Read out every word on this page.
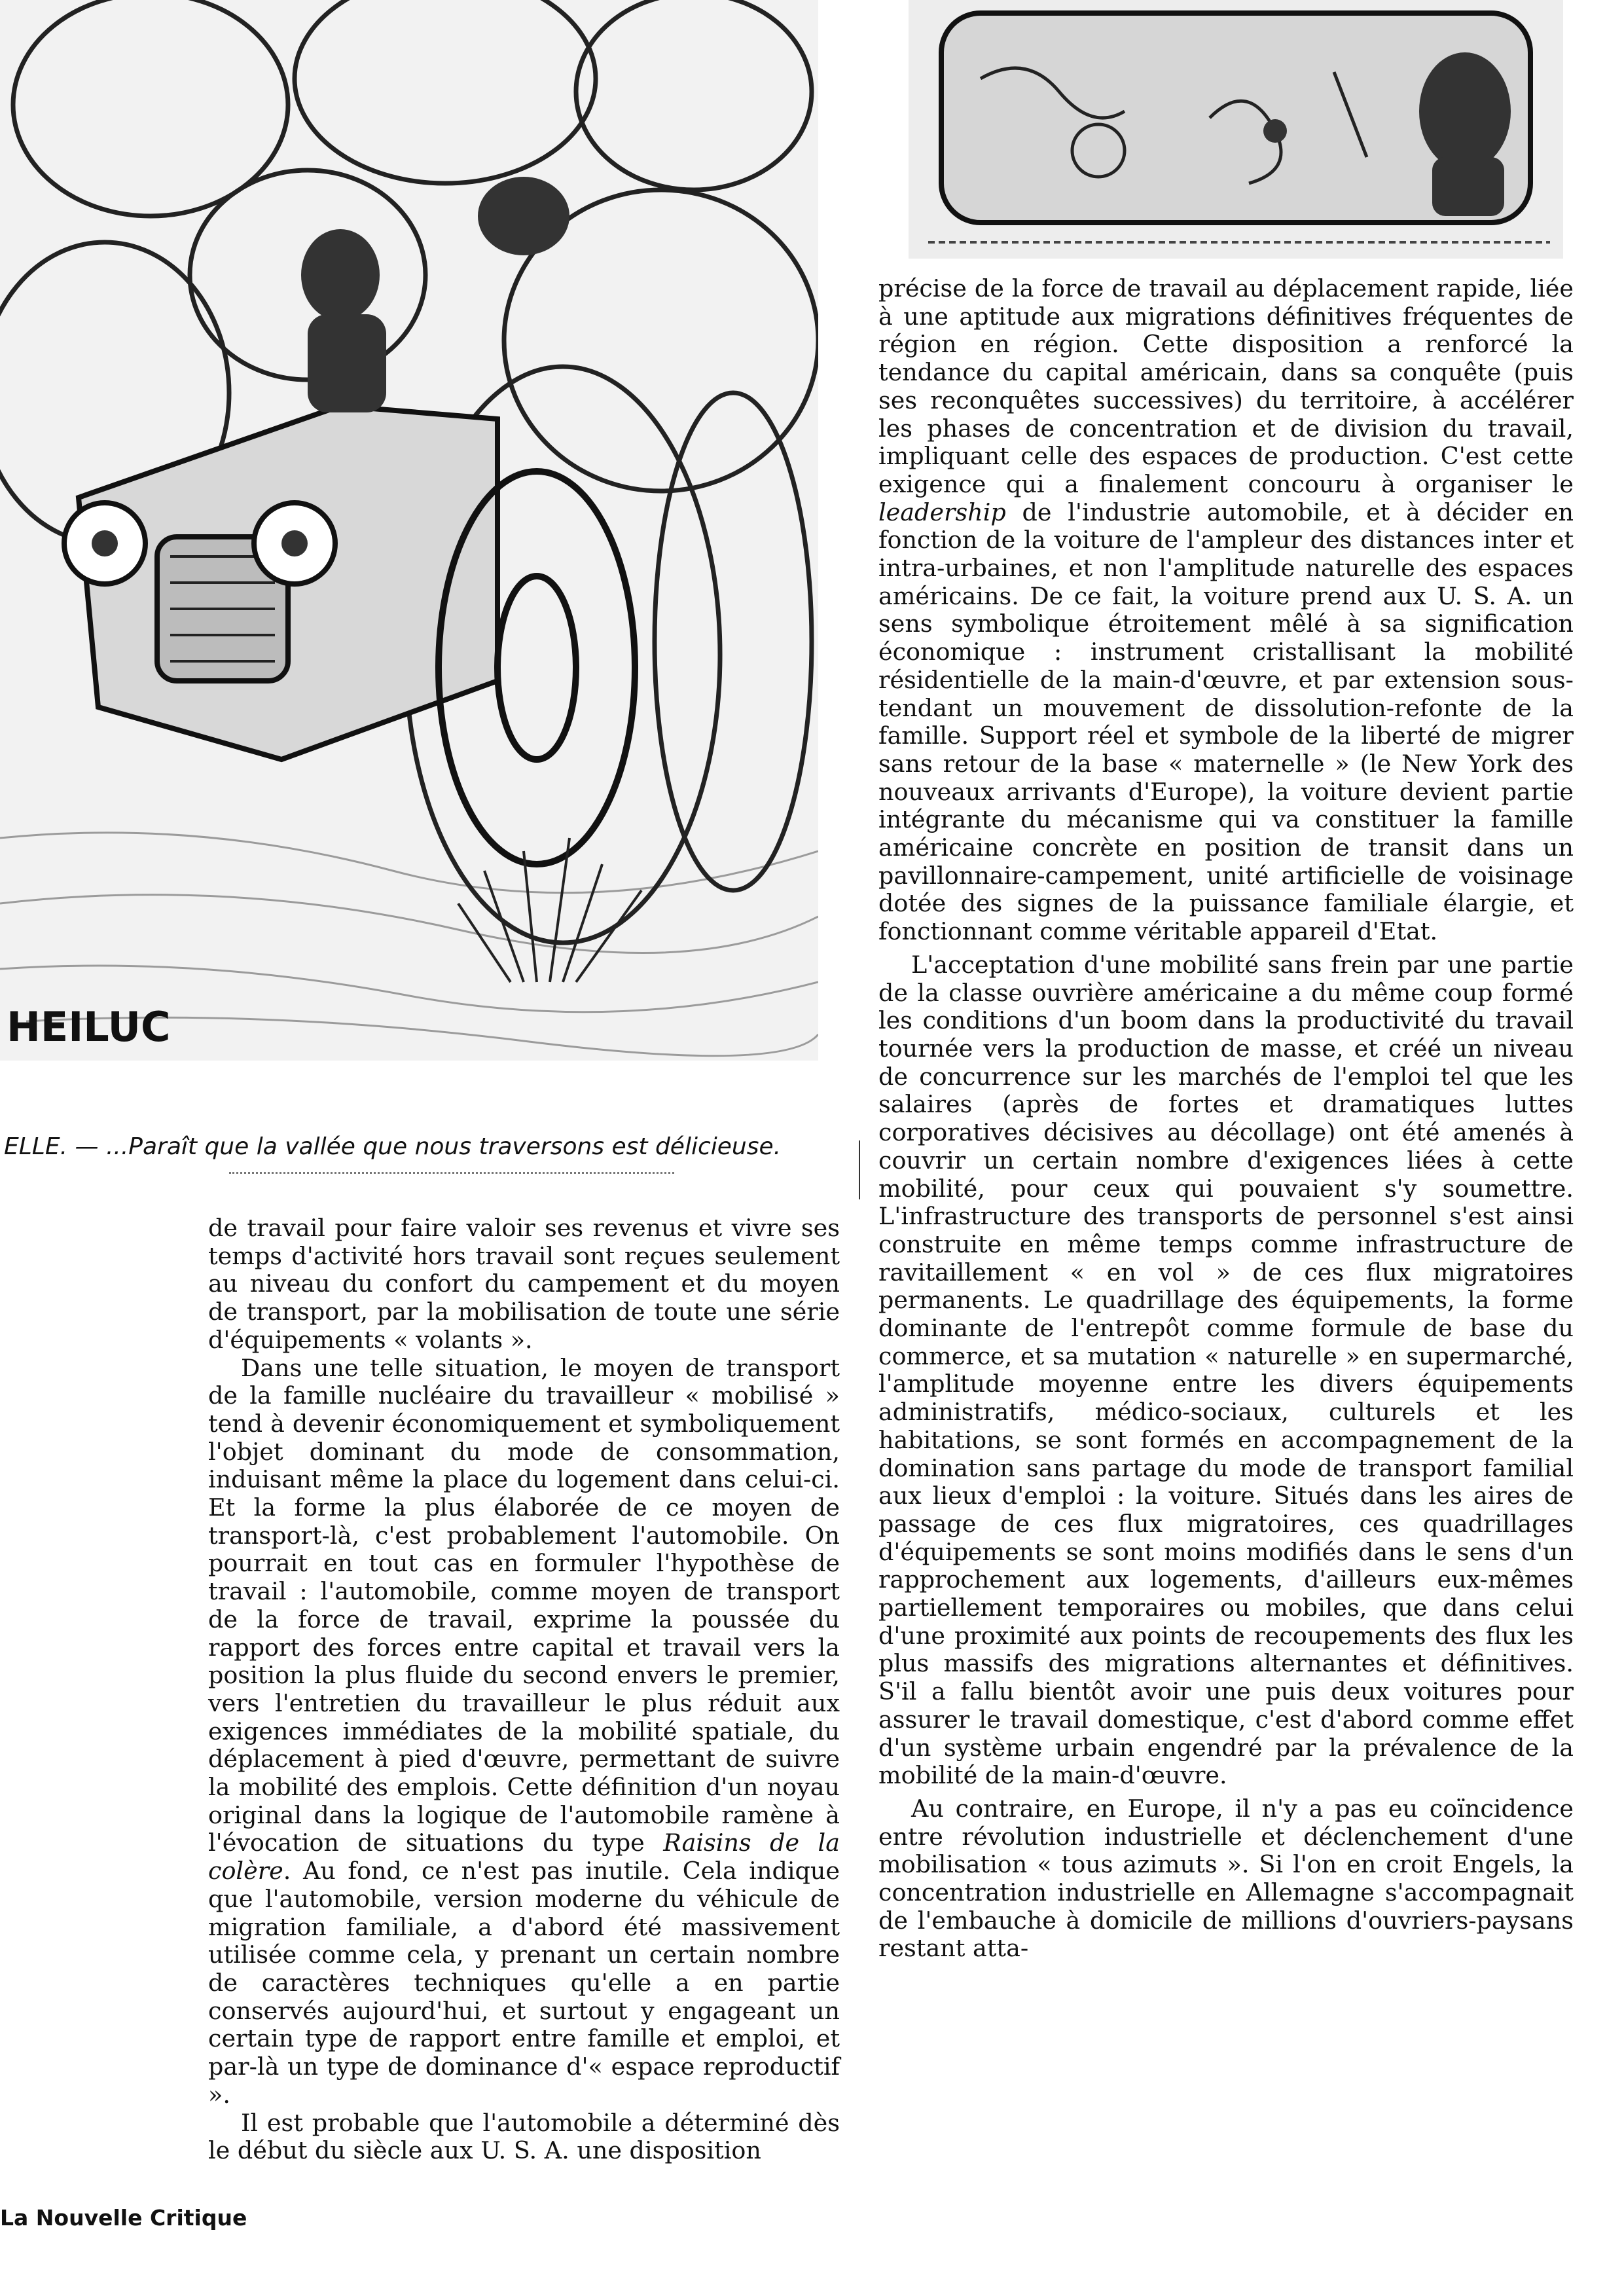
HEILUC
ELLE. — ...Paraît que la vallée que nous traversons est délicieuse.

de travail pour faire valoir ses revenus et vivre ses temps d'activité hors travail sont reçues seulement au niveau du confort du campement et du moyen de transport, par la mobilisation de toute une série d'équipements « volants ».

Dans une telle situation, le moyen de transport de la famille nucléaire du travailleur « mobilisé » tend à devenir économiquement et symboliquement l'objet dominant du mode de consommation, induisant même la place du logement dans celui-ci. Et la forme la plus élaborée de ce moyen de transport-là, c'est probablement l'automobile. On pourrait en tout cas en formuler l'hypothèse de travail : l'automobile, comme moyen de transport de la force de travail, exprime la poussée du rapport des forces entre capital et travail vers la position la plus fluide du second envers le premier, vers l'entretien du travailleur le plus réduit aux exigences immédiates de la mobilité spatiale, du déplacement à pied d'œuvre, permettant de suivre la mobilité des emplois. Cette définition d'un noyau original dans la logique de l'automobile ramène à l'évocation de situations du type Raisins de la colère. Au fond, ce n'est pas inutile. Cela indique que l'automobile, version moderne du véhicule de migration familiale, a d'abord été massivement utilisée comme cela, y prenant un certain nombre de caractères techniques qu'elle a en partie conservés aujourd'hui, et surtout y engageant un certain type de rapport entre famille et emploi, et par-là un type de dominance d'« espace reproductif ».

Il est probable que l'automobile a déterminé dès le début du siècle aux U. S. A. une disposition

précise de la force de travail au déplacement rapide, liée à une aptitude aux migrations définitives fréquentes de région en région. Cette disposition a renforcé la tendance du capital américain, dans sa conquête (puis ses reconquêtes successives) du territoire, à accélérer les phases de concentration et de division du travail, impliquant celle des espaces de production. C'est cette exigence qui a finalement concouru à organiser le leadership de l'industrie automobile, et à décider en fonction de la voiture de l'ampleur des distances inter et intra-urbaines, et non l'amplitude naturelle des espaces américains. De ce fait, la voiture prend aux U. S. A. un sens symbolique étroitement mêlé à sa signification économique : instrument cristallisant la mobilité résidentielle de la main-d'œuvre, et par extension sous-tendant un mouvement de dissolution-refonte de la famille. Support réel et symbole de la liberté de migrer sans retour de la base « maternelle » (le New York des nouveaux arrivants d'Europe), la voiture devient partie intégrante du mécanisme qui va constituer la famille américaine concrète en position de transit dans un pavillonnaire-campement, unité artificielle de voisinage dotée des signes de la puissance familiale élargie, et fonctionnant comme véritable appareil d'Etat.

L'acceptation d'une mobilité sans frein par une partie de la classe ouvrière américaine a du même coup formé les conditions d'un boom dans la productivité du travail tournée vers la production de masse, et créé un niveau de concurrence sur les marchés de l'emploi tel que les salaires (après de fortes et dramatiques luttes corporatives décisives au décollage) ont été amenés à couvrir un certain nombre d'exigences liées à cette mobilité, pour ceux qui pouvaient s'y soumettre. L'infrastructure des transports de personnel s'est ainsi construite en même temps comme infrastructure de ravitaillement « en vol » de ces flux migratoires permanents. Le quadrillage des équipements, la forme dominante de l'entrepôt comme formule de base du commerce, et sa mutation « naturelle » en supermarché, l'amplitude moyenne entre les divers équipements administratifs, médico-sociaux, culturels et les habitations, se sont formés en accompagnement de la domination sans partage du mode de transport familial aux lieux d'emploi : la voiture. Situés dans les aires de passage de ces flux migratoires, ces quadrillages d'équipements se sont moins modifiés dans le sens d'un rapprochement aux logements, d'ailleurs eux-mêmes partiellement temporaires ou mobiles, que dans celui d'une proximité aux points de recoupements des flux les plus massifs des migrations alternantes et définitives. S'il a fallu bientôt avoir une puis deux voitures pour assurer le travail domestique, c'est d'abord comme effet d'un système urbain engendré par la prévalence de la mobilité de la main-d'œuvre.

Au contraire, en Europe, il n'y a pas eu coïncidence entre révolution industrielle et déclenchement d'une mobilisation « tous azimuts ». Si l'on en croit Engels, la concentration industrielle en Allemagne s'accompagnait de l'embauche à domicile de millions d'ouvriers-paysans restant atta-

La Nouvelle Critique
